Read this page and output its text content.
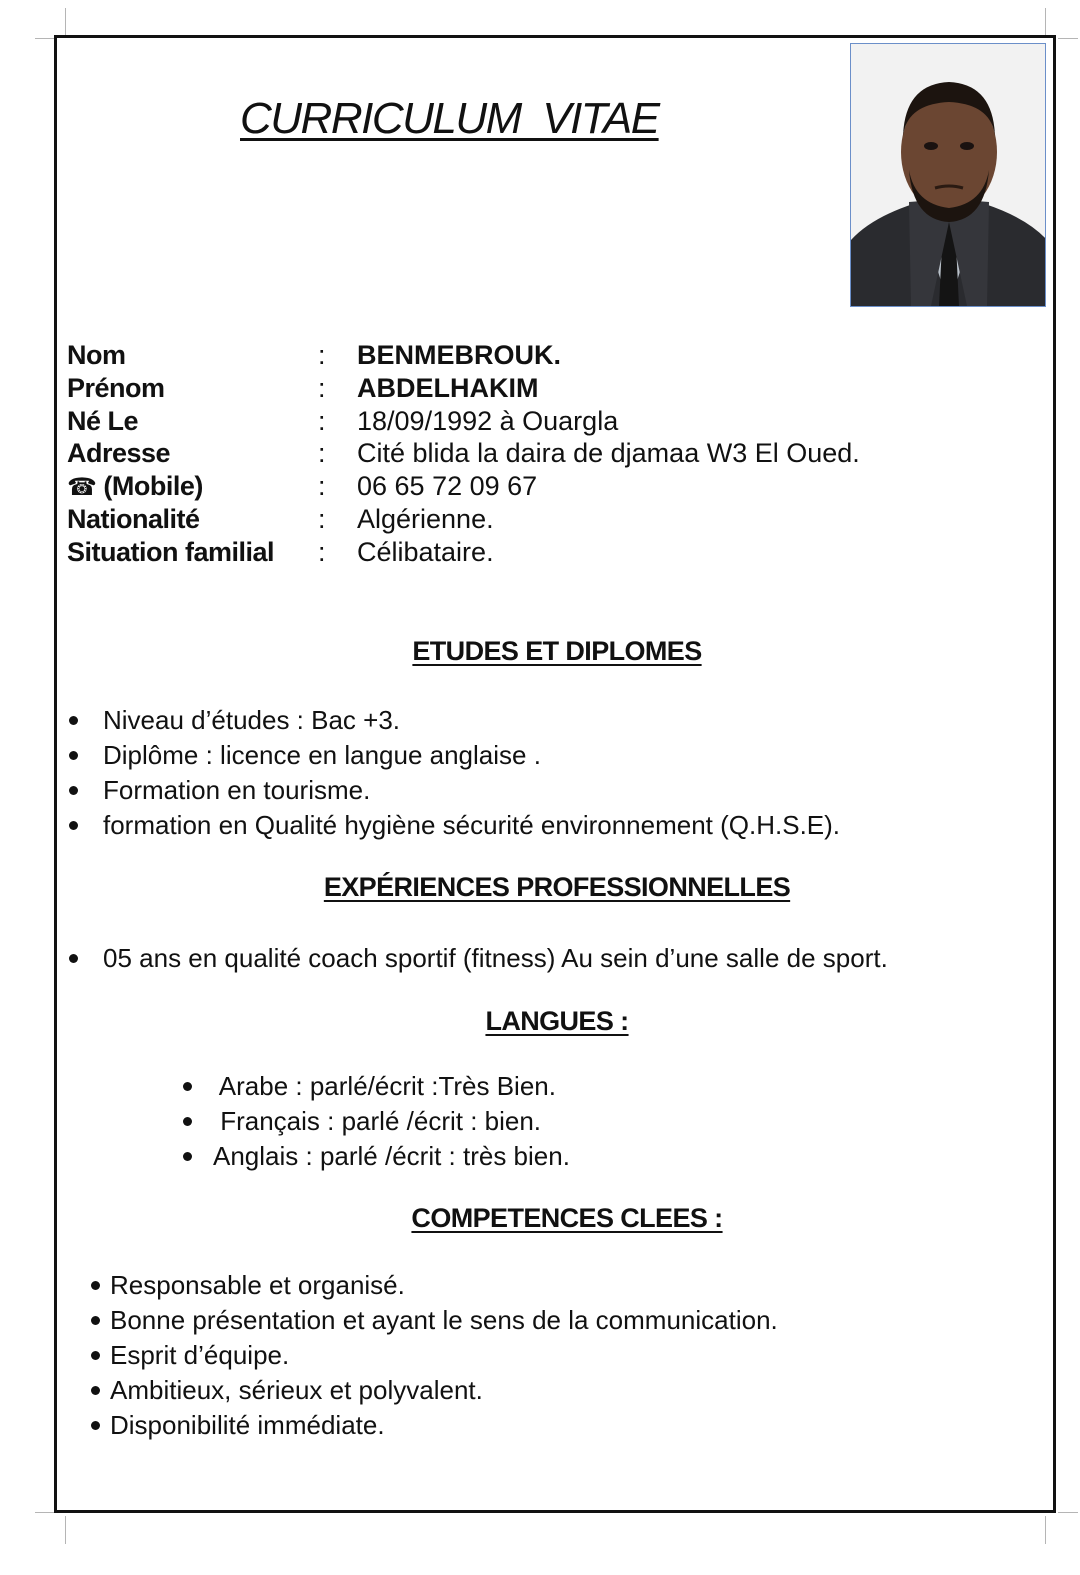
CURRICULUM  VITAE
Nom	: BENMEBROUK.
Prénom	: ABDELHAKIM
Né Le	: 18/09/1992 à Ouargla
Adresse	: Cité blida la daira de djamaa W3 El Oued.
☎ (Mobile)	: 06 65 72 09 67
Nationalité	: Algérienne.
Situation familial : Célibataire.
ETUDES ET DIPLOMES
Niveau d’études : Bac +3.
Diplôme : licence en langue anglaise .
Formation en tourisme.
formation en Qualité hygiène sécurité environnement (Q.H.S.E).
EXPÉRIENCES PROFESSIONNELLES
05 ans en qualité coach sportif (fitness) Au sein d’une salle de sport.
LANGUES :
Arabe : parlé/écrit :Très Bien.
Français : parlé /écrit : bien.
Anglais : parlé /écrit : très bien.
COMPETENCES CLEES :
Responsable et organisé.
Bonne présentation et ayant le sens de la communication.
Esprit d’équipe.
Ambitieux, sérieux et polyvalent.
Disponibilité immédiate.
